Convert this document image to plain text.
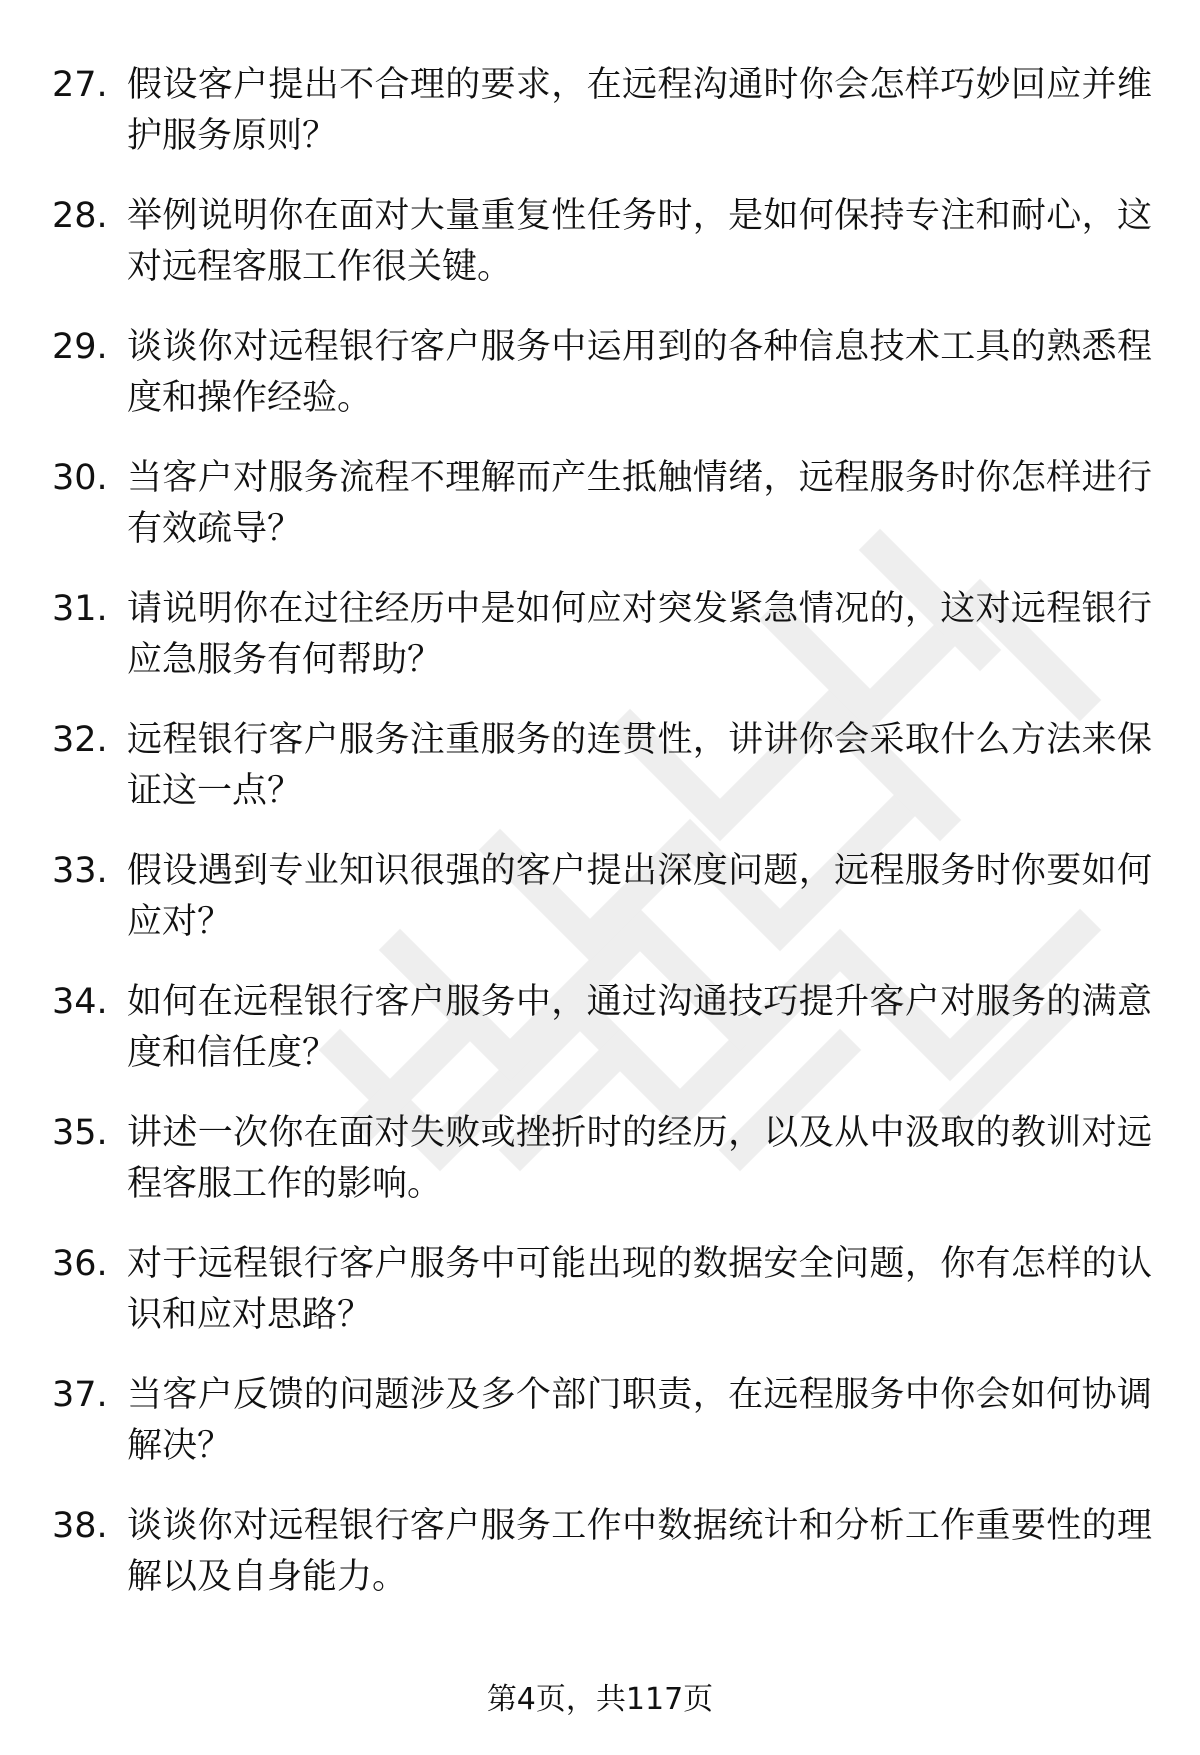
27. 假设客户提出不合理的要求，在远程沟通时你会怎样巧妙回应并维护服务原则？
28. 举例说明你在面对大量重复性任务时，是如何保持专注和耐心，这对远程客服工作很关键。
29. 谈谈你对远程银行客户服务中运用到的各种信息技术工具的熟悉程度和操作经验。
30. 当客户对服务流程不理解而产生抵触情绪，远程服务时你怎样进行有效疏导？
31. 请说明你在过往经历中是如何应对突发紧急情况的，这对远程银行应急服务有何帮助？
32. 远程银行客户服务注重服务的连贯性，讲讲你会采取什么方法来保证这一点？
33. 假设遇到专业知识很强的客户提出深度问题，远程服务时你要如何应对？
34. 如何在远程银行客户服务中，通过沟通技巧提升客户对服务的满意度和信任度？
35. 讲述一次你在面对失败或挫折时的经历，以及从中汲取的教训对远程客服工作的影响。
36. 对于远程银行客户服务中可能出现的数据安全问题，你有怎样的认识和应对思路？
37. 当客户反馈的问题涉及多个部门职责，在远程服务中你会如何协调解决？
38. 谈谈你对远程银行客户服务工作中数据统计和分析工作重要性的理解以及自身能力。
第4页，共117页
